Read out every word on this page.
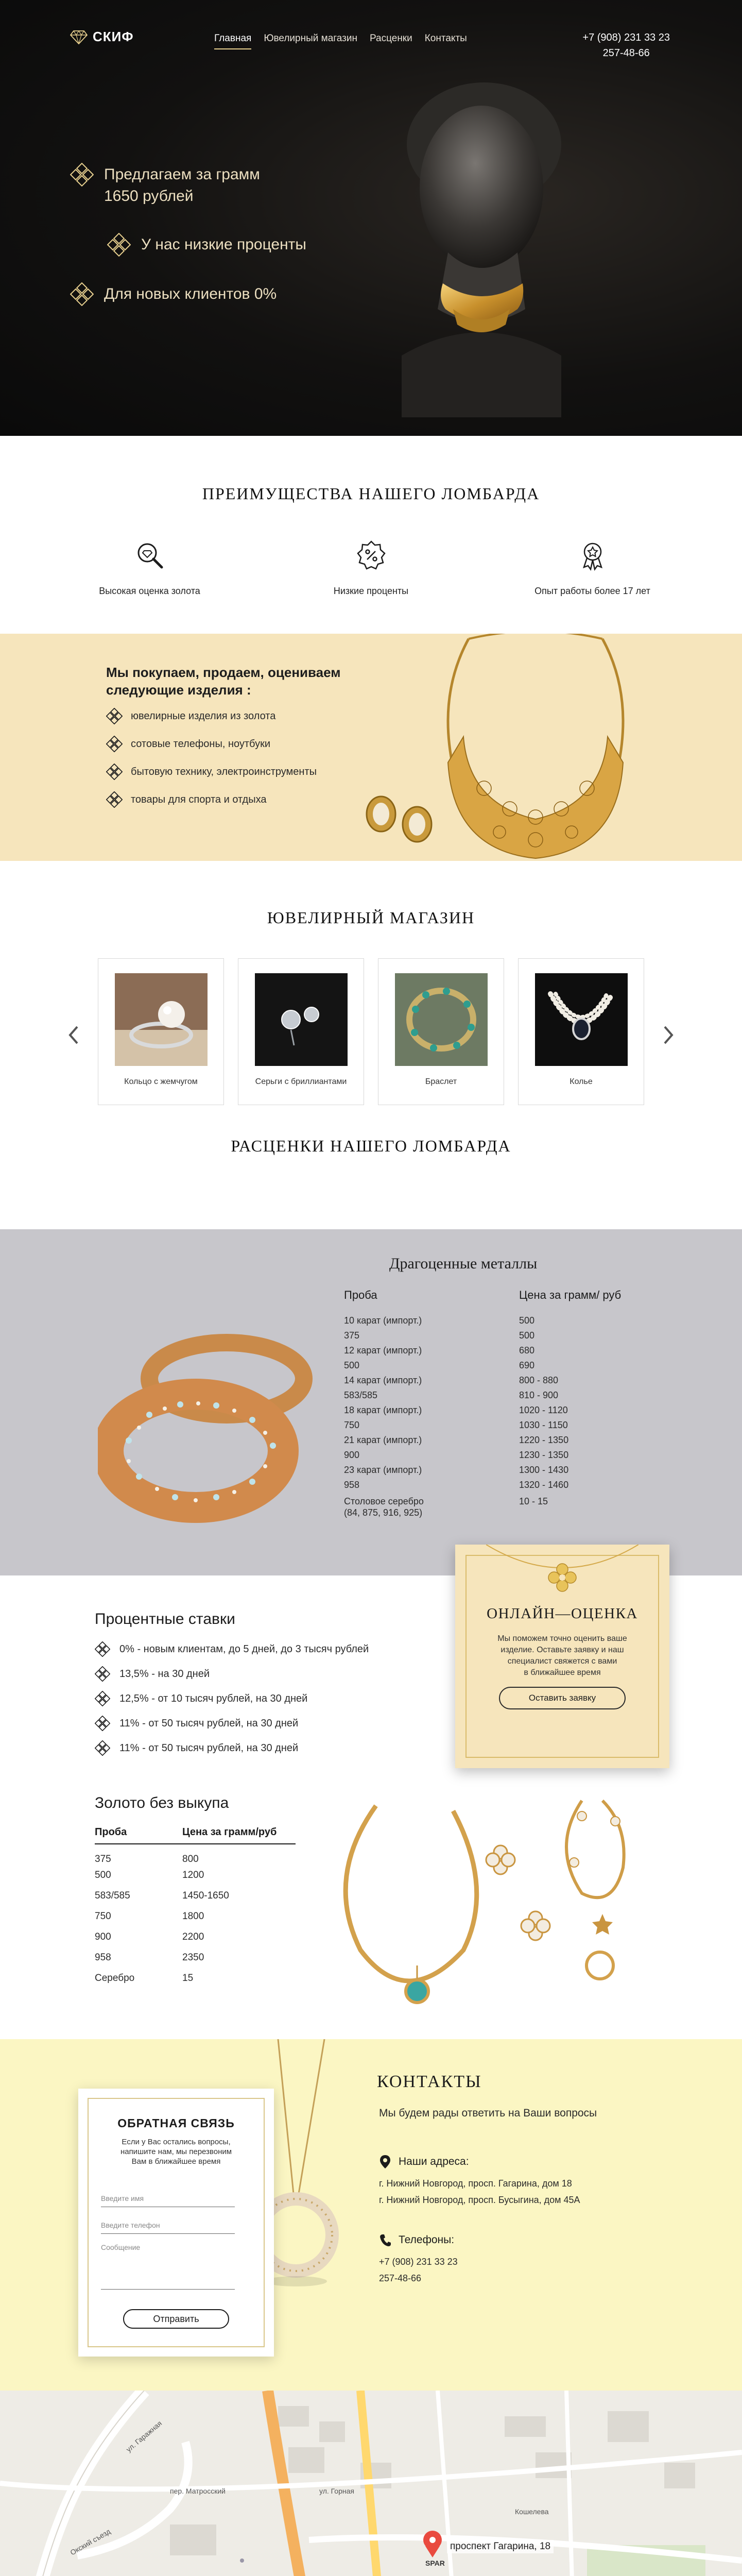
СКИФ	Главная Ювелирный магазин Расценки Контакты	+7 (908) 231 33 23
257-48-66
Предлагаем за грамм
1650 рублей
У нас низкие проценты
Для новых клиентов 0%
ПРЕИМУЩЕСТВА НАШЕГО ЛОМБАРДА
Высокая оценка золота	Низкие проценты	Опыт работы более 17 лет
Мы покупаем, продаем, оцениваем
следующие изделия :
ювелирные изделия из золота
сотовые телефоны, ноутбуки
бытовую технику, электроинструменты
товары для спорта и отдыха
ЮВЕЛИРНЫЙ МАГАЗИН
Кольцо с жемчугом	Серьги с бриллиантами	Браслет	Колье
РАСЦЕНКИ НАШЕГО ЛОМБАРДА
Драгоценные металлы
Проба	Цена за грамм/ руб
10 карат (импорт.)	500
375	500
12 карат (импорт.)	680
500	690
14 карат (импорт.)	800 - 880
583/585	810 - 900
18 карат (импорт.)	1020 - 1120
750	1030 - 1150
21 карат (импорт.)	1220 - 1350
900	1230 - 1350
23 карат (импорт.)	1300 - 1430
958	1320 - 1460

Столовое серебро
(84, 875, 916, 925)	10 - 15
Процентные ставки
0% - новым клиентам, до 5 дней, до 3 тысяч рублей
13,5% - на 30 дней
12,5% - от 10 тысяч рублей, на 30 дней
11% - от 50 тысяч рублей, на 30 дней
11% - от 50 тысяч рублей, на 30 дней
ОНЛАЙН—ОЦЕНКА
Мы поможем точно оценить ваше
изделие. Оставьте заявку и наш
специалист свяжется с вами
в ближайшее время
Оставить заявку
Золото без выкупа
Проба	Цена за грамм/руб
375	800
500	1200
583/585	1450-1650
750	1800
900	2200
958	2350
Серебро	15
ОБРАТНАЯ СВЯЗЬ
Если у Вас остались вопросы,
напишите нам, мы перезвоним
Вам в ближайшее время
Введите имя
Введите телефон
Сообщение
Отправить
КОНТАКТЫ
Мы будем рады ответить на Ваши вопросы
Наши адреса:
г. Нижний Новгород, просп. Гагарина, дом 18
г. Нижний Новгород, просп. Бусыгина, дом 45А
Телефоны:
+7 (908) 231 33 23
257-48-66
ул. Гаражная
ул. Горная
Кошелева
пер. Матросский
Окский съезд
SPAR
проспект Гагарина, 18
